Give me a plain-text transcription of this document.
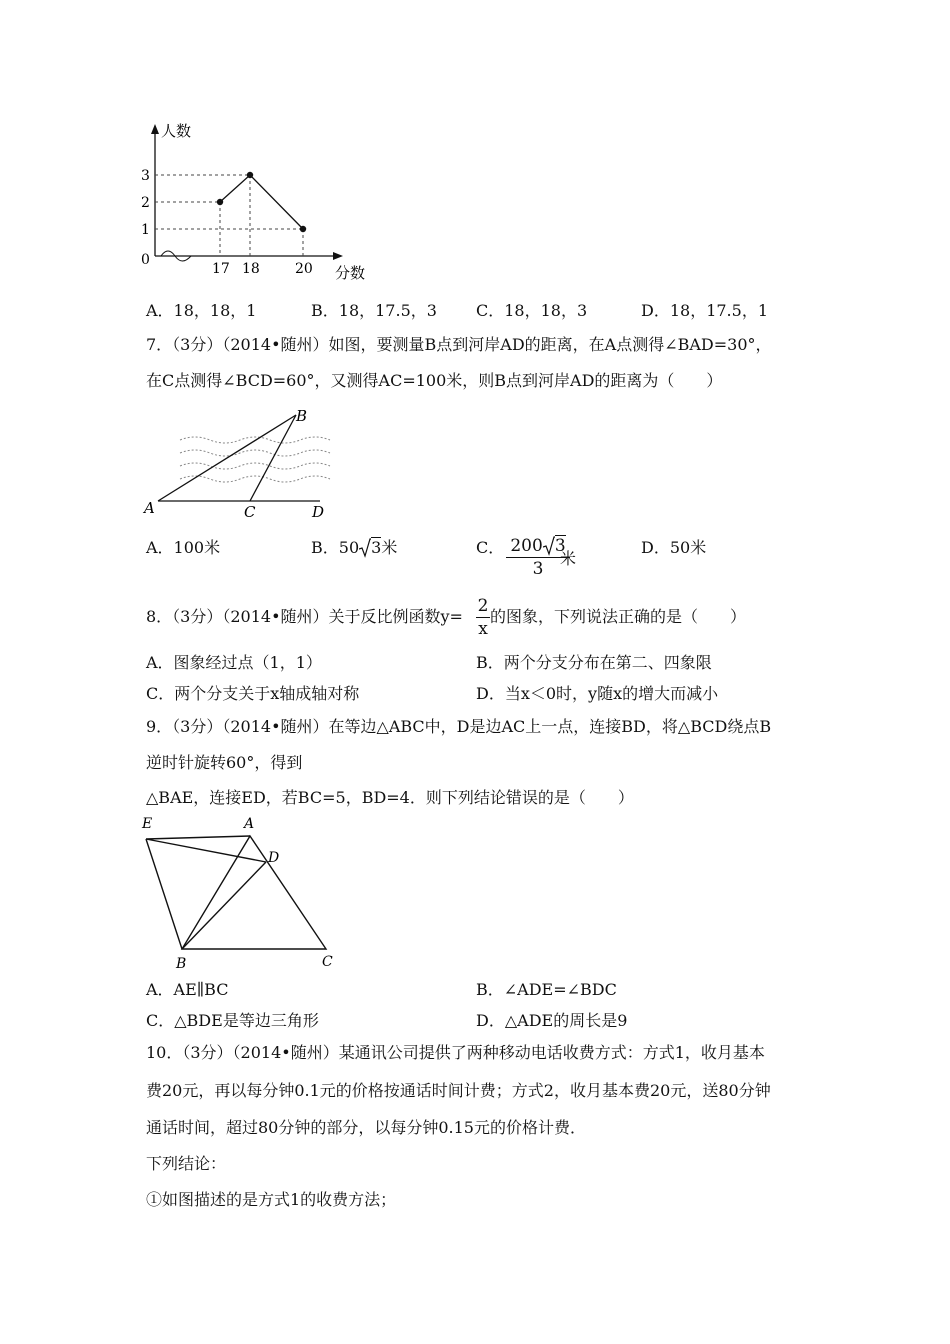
人数
分数
0
1
2
3
17 18	20
A．18，18，1	B．18，17.5，3 C．18，18，3	D．18，17.5，1
7．（3分）（2014•随州）如图，要测量B点到河岸AD的距离，在A点测得∠BAD=30°，
在C点测得∠BCD=60°，又测得AC=100米，则B点到河岸AD的距离为（　　）
A
B
C	D
A．100米	B．50 3米	C． 200 3
3
米
D．50米
8．（3分）（2014•随州）关于反比例函数y=
2
x
的图象，下列说法正确的是（　　）
A．图象经过点（1，1）	B．两个分支分布在第二、四象限
C．两个分支关于x轴成轴对称	D．当x＜0时，y随x的增大而减小
9．（3分）（2014•随州）在等边△ABC中，D是边AC上一点，连接BD，将△BCD绕点B
逆时针旋转60°，得到
△BAE，连接ED，若BC=5，BD=4．则下列结论错误的是（　　）
E	A
D
B	C
A．AE∥BC	B．∠ADE=∠BDC
C．△BDE是等边三角形	D．△ADE的周长是9
10．（3分）（2014•随州）某通讯公司提供了两种移动电话收费方式：方式1，收月基本
费20元，再以每分钟0.1元的价格按通话时间计费；方式2，收月基本费20元，送80分钟
通话时间，超过80分钟的部分，以每分钟0.15元的价格计费．
下列结论：
①如图描述的是方式1的收费方法；
